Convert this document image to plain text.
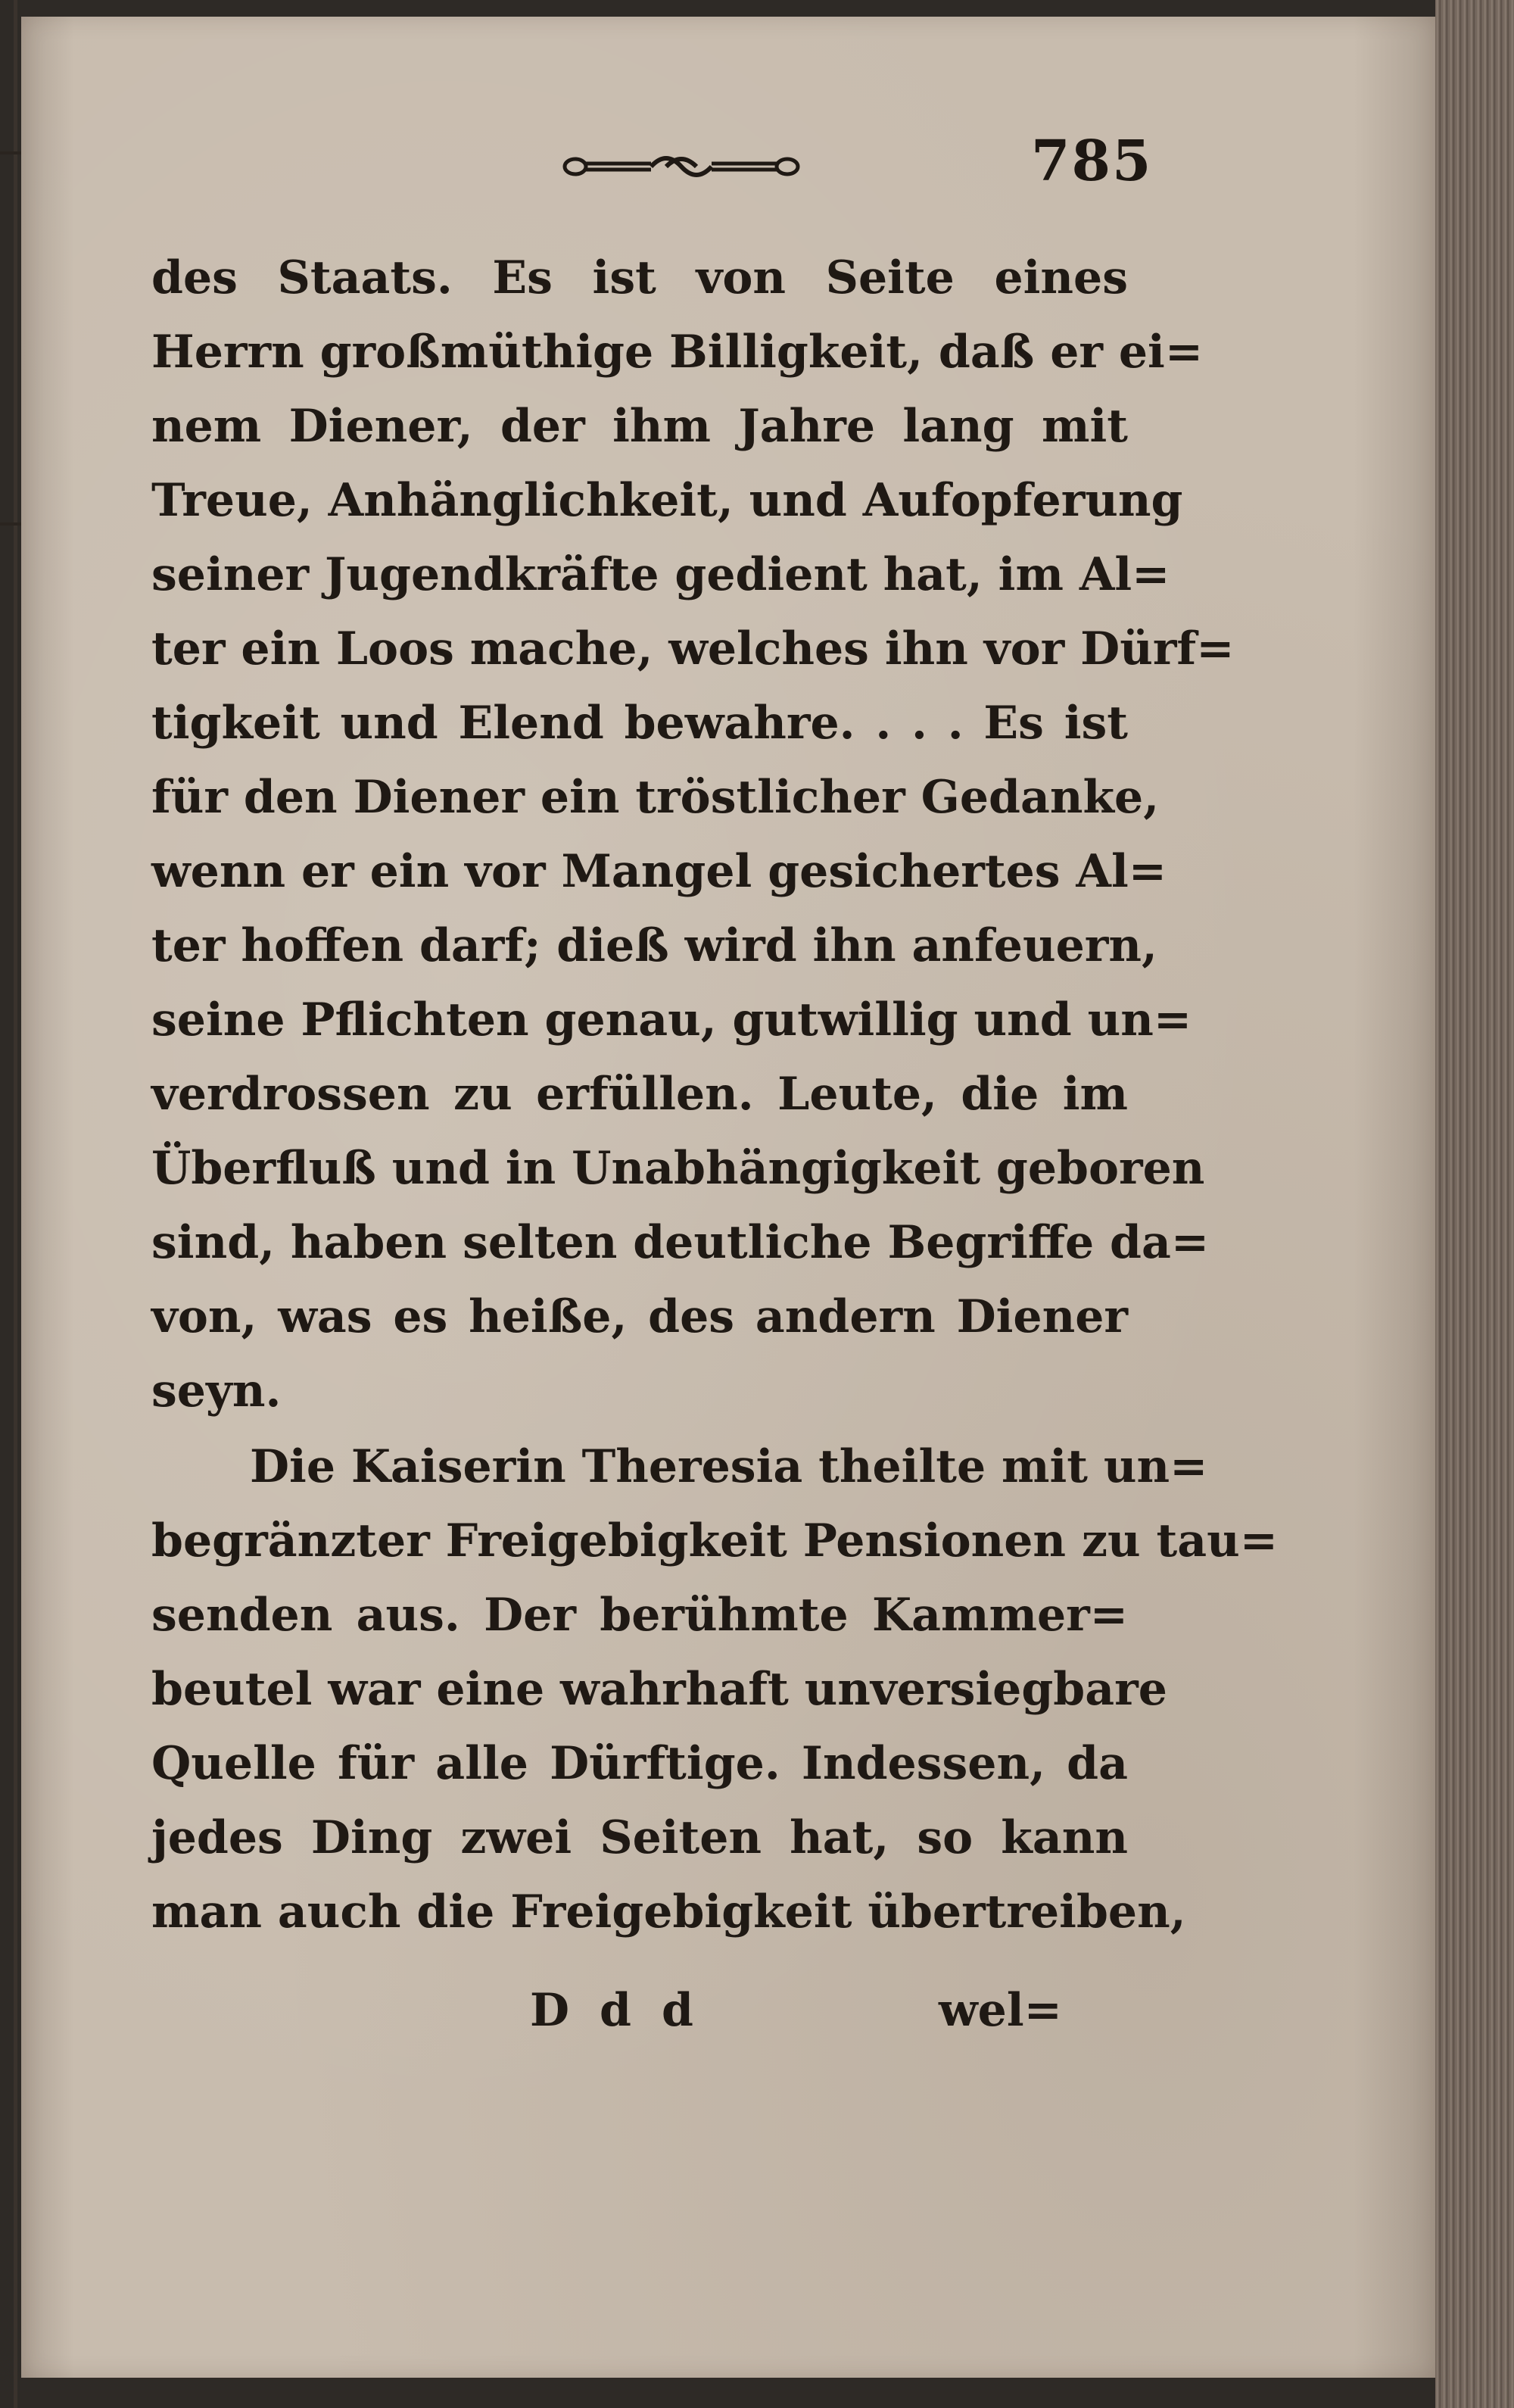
785
des Staats. Es ist von Seite eines
Herrn großmüthige Billigkeit, daß er ei=
nem Diener, der ihm Jahre lang mit
Treue, Anhänglichkeit, und Aufopferung
seiner Jugendkräfte gedient hat, im Al=
ter ein Loos mache, welches ihn vor Dürf=
tigkeit und Elend bewahre. . . . Es ist
für den Diener ein tröstlicher Gedanke,
wenn er ein vor Mangel gesichertes Al=
ter hoffen darf; dieß wird ihn anfeuern,
seine Pflichten genau, gutwillig und un=
verdrossen zu erfüllen. Leute, die im
Überfluß und in Unabhängigkeit geboren
sind, haben selten deutliche Begriffe da=
von, was es heiße, des andern Diener
seyn.
Die Kaiserin Theresia theilte mit un=
begränzter Freigebigkeit Pensionen zu tau=
senden aus. Der berühmte Kammer=
beutel war eine wahrhaft unversiegbare
Quelle für alle Dürftige. Indessen, da
jedes Ding zwei Seiten hat, so kann
man auch die Freigebigkeit übertreiben,
Ddd	wel=
